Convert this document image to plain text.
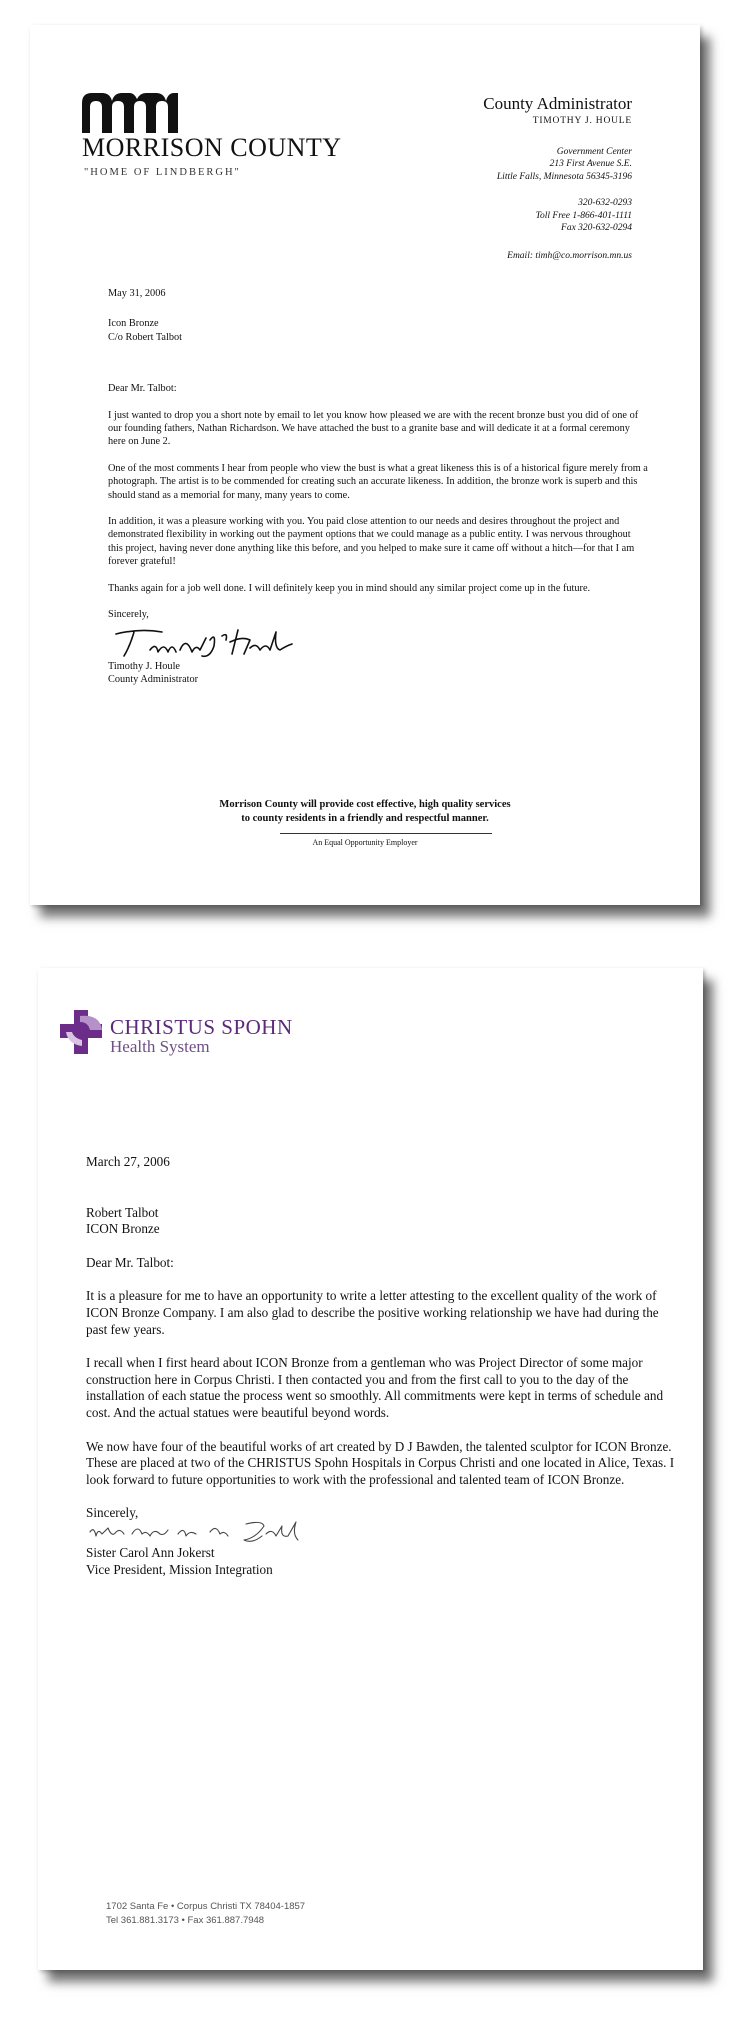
MORRISON COUNTY
"HOME OF LINDBERGH"
County Administrator
TIMOTHY J. HOULE
Government Center
213 First Avenue S.E.
Little Falls, Minnesota 56345-3196
320-632-0293
Toll Free 1-866-401-1111
Fax 320-632-0294
Email: timh@co.morrison.mn.us
May 31, 2006
Icon Bronze
C/o Robert Talbot

Dear Mr. Talbot:

I just wanted to drop you a short note by email to let you know how pleased we are with the recent bronze bust you did of one of our founding fathers, Nathan Richardson. We have attached the bust to a granite base and will dedicate it at a formal ceremony here on June 2.

One of the most comments I hear from people who view the bust is what a great likeness this is of a historical figure merely from a photograph. The artist is to be commended for creating such an accurate likeness. In addition, the bronze work is superb and this should stand as a memorial for many, many years to come.

In addition, it was a pleasure working with you. You paid close attention to our needs and desires throughout the project and demonstrated flexibility in working out the payment options that we could manage as a public entity. I was nervous throughout this project, having never done anything like this before, and you helped to make sure it came off without a hitch—for that I am forever grateful!

Thanks again for a job well done. I will definitely keep you in mind should any similar project come up in the future.

Sincerely,
Timothy J. Houle
County Administrator
Morrison County will provide cost effective, high quality services
to county residents in a friendly and respectful manner.
An Equal Opportunity Employer
CHRISTUS SPOHN
Health System
March 27, 2006

Robert Talbot
ICON Bronze

Dear Mr. Talbot:

It is a pleasure for me to have an opportunity to write a letter attesting to the excellent quality of the work of ICON Bronze Company. I am also glad to describe the positive working relationship we have had during the past few years.

I recall when I first heard about ICON Bronze from a gentleman who was Project Director of some major construction here in Corpus Christi. I then contacted you and from the first call to you to the day of the installation of each statue the process went so smoothly. All commitments were kept in terms of schedule and cost. And the actual statues were beautiful beyond words.

We now have four of the beautiful works of art created by D J Bawden, the talented sculptor for ICON Bronze. These are placed at two of the CHRISTUS Spohn Hospitals in Corpus Christi and one located in Alice, Texas. I look forward to future opportunities to work with the professional and talented team of ICON Bronze.

Sincerely,
Sister Carol Ann Jokerst
Vice President, Mission Integration
1702 Santa Fe • Corpus Christi TX 78404-1857
Tel 361.881.3173 • Fax 361.887.7948
